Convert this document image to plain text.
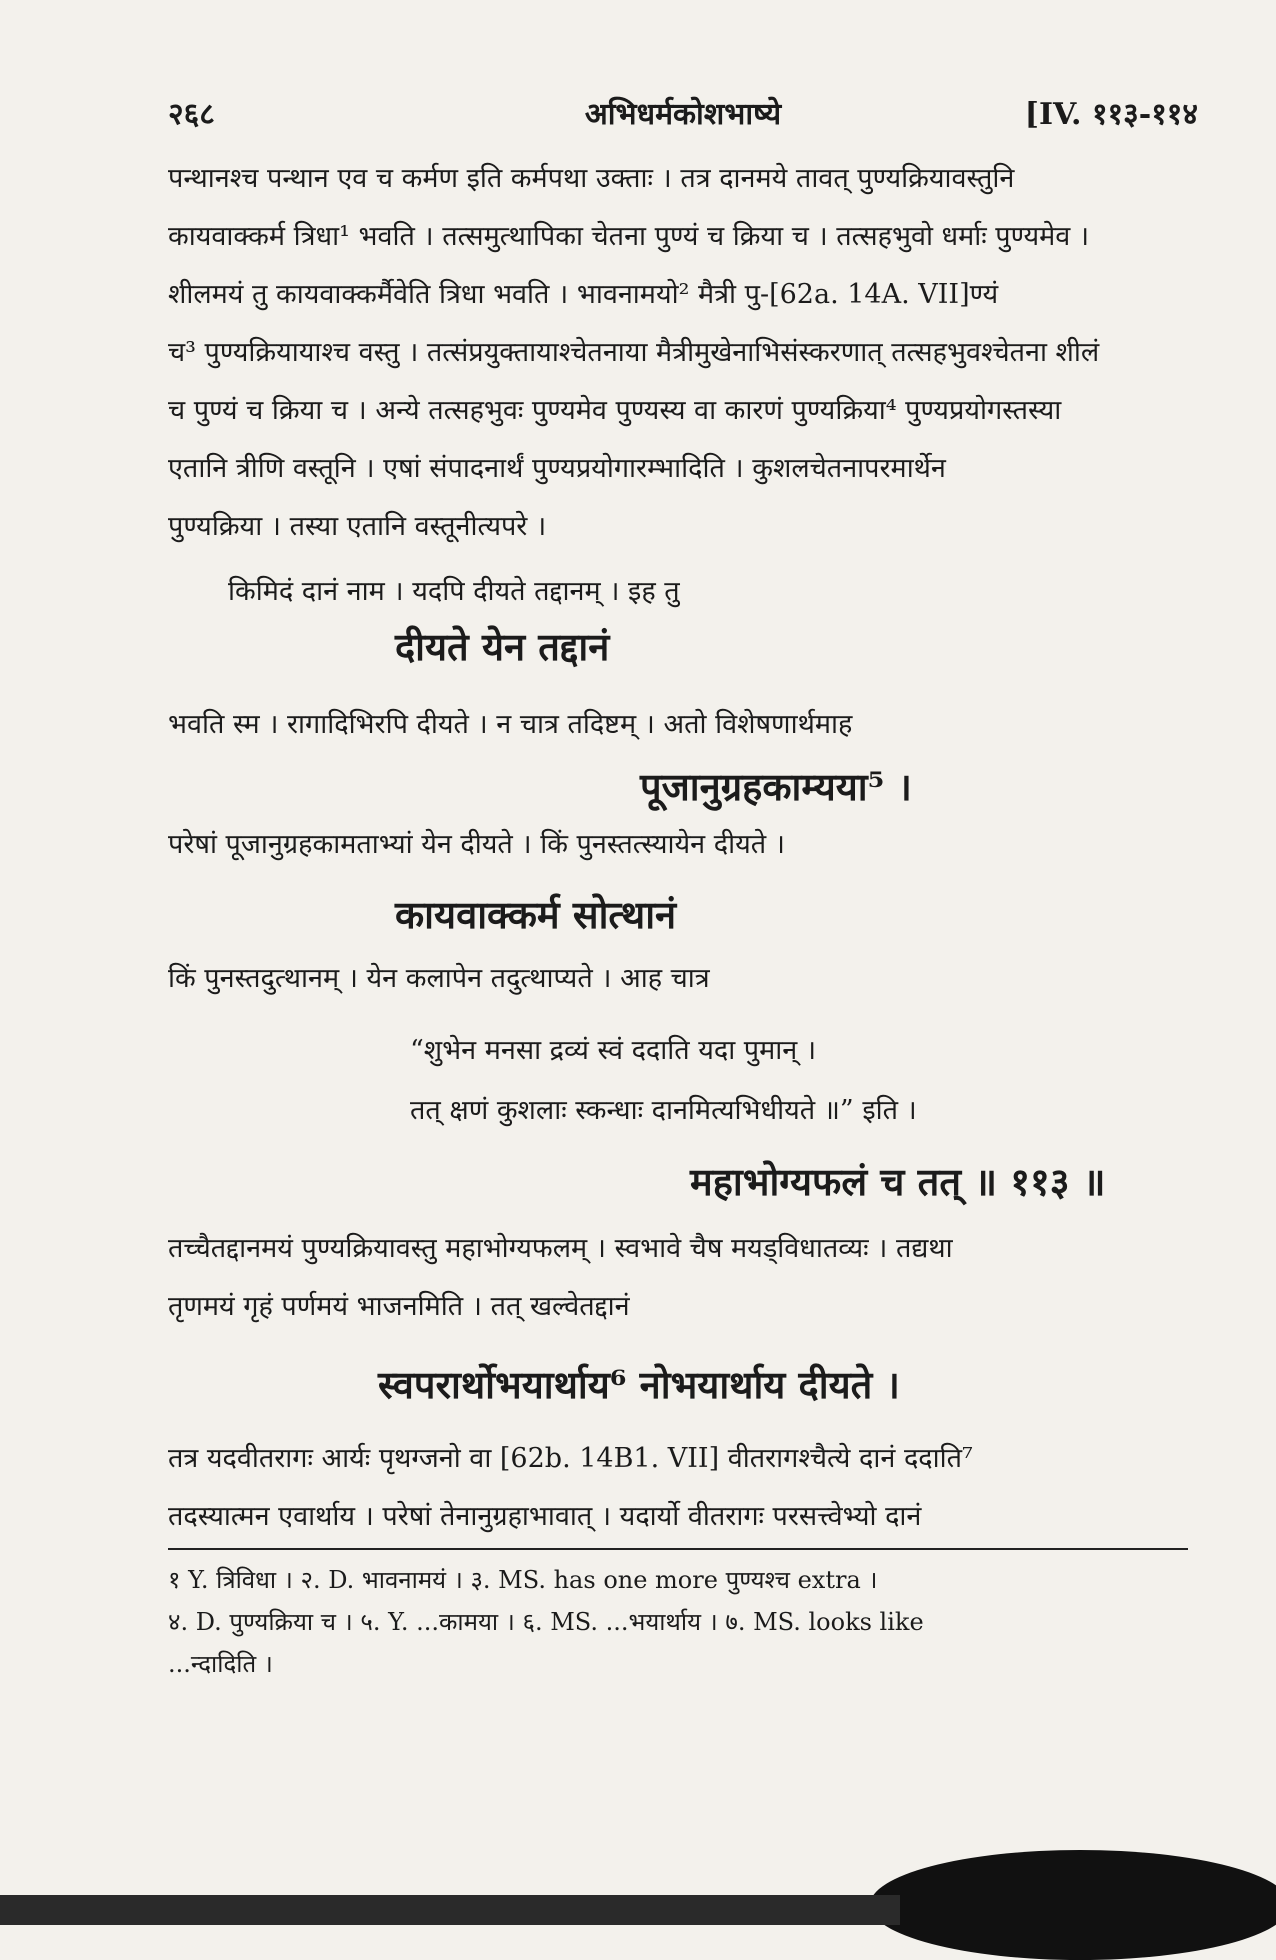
२६८	अभिधर्मकोशभाष्ये	[IV. ११३-११४
पन्थानश्च पन्थान एव च कर्मण इति कर्मपथा उक्ताः । तत्र दानमये तावत् पुण्यक्रियावस्तुनि
कायवाक्कर्म त्रिधा¹ भवति । तत्समुत्थापिका चेतना पुण्यं च क्रिया च । तत्सहभुवो धर्माः पुण्यमेव ।
शीलमयं तु कायवाक्कर्मैवेति त्रिधा भवति । भावनामयो² मैत्री पु-[62a. 14A. VII]ण्यं
च³ पुण्यक्रियायाश्च वस्तु । तत्संप्रयुक्तायाश्चेतनाया मैत्रीमुखेनाभिसंस्करणात् तत्सहभुवश्चेतना शीलं
च पुण्यं च क्रिया च । अन्ये तत्सहभुवः पुण्यमेव पुण्यस्य वा कारणं पुण्यक्रिया⁴ पुण्यप्रयोगस्तस्या
एतानि त्रीणि वस्तूनि । एषां संपादनार्थं पुण्यप्रयोगारम्भादिति । कुशलचेतनापरमार्थेन
पुण्यक्रिया । तस्या एतानि वस्तूनीत्यपरे ।
किमिदं दानं नाम । यदपि दीयते तद्दानम् । इह तु
दीयते येन तद्दानं
भवति स्म । रागादिभिरपि दीयते । न चात्र तदिष्टम् । अतो विशेषणार्थमाह
पूजानुग्रहकाम्यया⁵ ।
परेषां पूजानुग्रहकामताभ्यां येन दीयते । किं पुनस्तत्स्यायेन दीयते ।
कायवाक्कर्म सोत्थानं
किं पुनस्तदुत्थानम् । येन कलापेन तदुत्थाप्यते । आह चात्र
“शुभेन मनसा द्रव्यं स्वं ददाति यदा पुमान् ।
तत् क्षणं कुशलाः स्कन्धाः दानमित्यभिधीयते ॥” इति ।
महाभोग्यफलं च तत् ॥ ११३ ॥
तच्चैतद्दानमयं पुण्यक्रियावस्तु महाभोग्यफलम् । स्वभावे चैष मयड्विधातव्यः । तद्यथा
तृणमयं गृहं पर्णमयं भाजनमिति । तत् खल्वेतद्दानं
स्वपरार्थोभयार्थाय⁶ नोभयार्थाय दीयते ।
तत्र यदवीतरागः आर्यः पृथग्जनो वा [62b. 14B1. VII] वीतरागश्चैत्ये दानं ददाति⁷
तदस्यात्मन एवार्थाय । परेषां तेनानुग्रहाभावात् । यदार्यो वीतरागः परसत्त्वेभ्यो दानं
१ Y. त्रिविधा । २. D. भावनामयं । ३. MS. has one more पुण्यश्च extra ।
४. D. पुण्यक्रिया च । ५. Y. ...कामया । ६. MS. ...भयार्थाय । ७. MS. looks like
...न्दादिति ।
